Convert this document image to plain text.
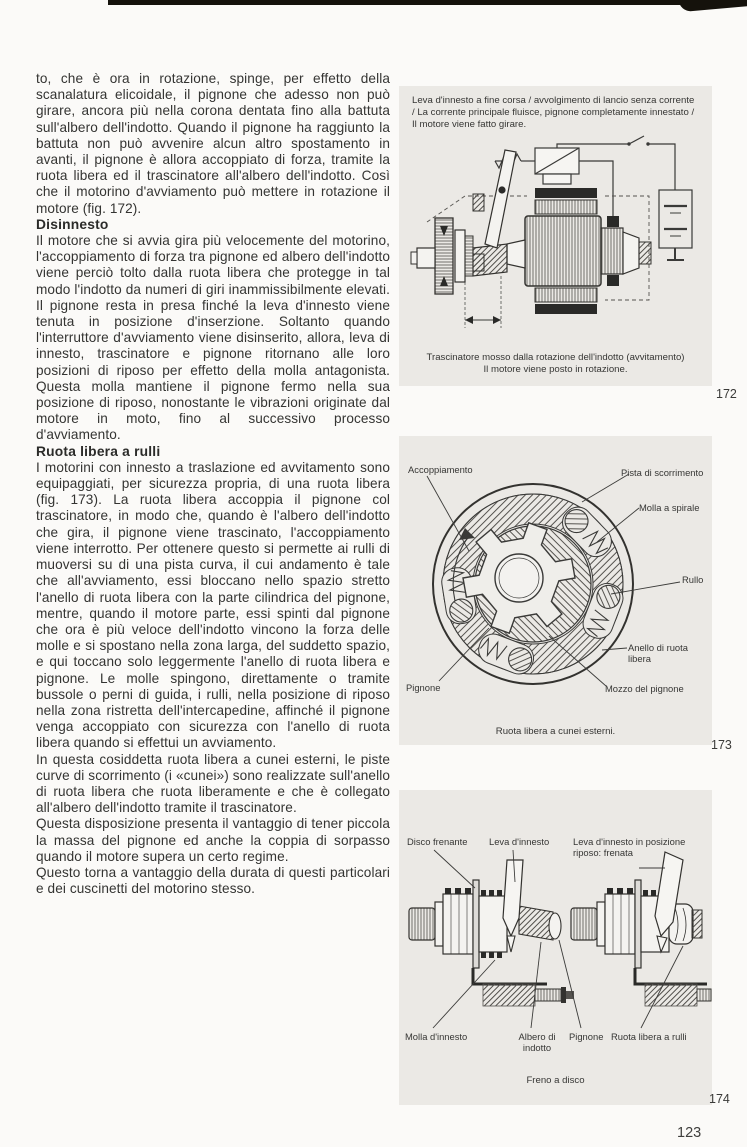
to, che è ora in rotazione, spinge, per effetto della scanalatura elicoidale, il pignone che adesso non può girare, ancora più nella corona dentata fino alla battuta sull'albero dell'indotto. Quando il pignone ha raggiunto la battuta non può avvenire alcun altro spostamento in avanti, il pignone è allora accoppiato di forza, tramite la ruota libera ed il trascinatore all'albero dell'indotto. Così che il motorino d'avviamento può mettere in rotazione il motore (fig. 172).

Disinnesto

Il motore che si avvia gira più velocemente del motorino, l'accoppiamento di forza tra pignone ed albero dell'indotto viene perciò tolto dalla ruota libera che protegge in tal modo l'indotto da numeri di giri inammissibilmente elevati. Il pignone resta in presa finché la leva d'innesto viene tenuta in posizione d'inserzione. Soltanto quando l'interruttore d'avviamento viene disinserito, allora, leva di innesto, trascinatore e pignone ritornano alle loro posizioni di riposo per effetto della molla antagonista. Questa molla mantiene il pignone fermo nella sua posizione di riposo, nonostante le vibrazioni originate dal motore in moto, fino al successivo processo d'avviamento.

Ruota libera a rulli

I motorini con innesto a traslazione ed avvitamento sono equipaggiati, per sicurezza propria, di una ruota libera (fig. 173). La ruota libera accoppia il pignone col trascinatore, in modo che, quando è l'albero dell'indotto che gira, il pignone viene trascinato, l'accoppiamento viene interrotto. Per ottenere questo si permette ai rulli di muoversi su di una pista curva, il cui andamento è tale che all'avviamento, essi bloccano nello spazio stretto l'anello di ruota libera con la parte cilindrica del pignone, mentre, quando il motore parte, essi spinti dal pignone che ora è più veloce dell'indotto vincono la forza delle molle e si spostano nella zona larga, del suddetto spazio, e qui toccano solo leggermente l'anello di ruota libera e pignone. Le molle spingono, direttamente o tramite bussole o perni di guida, i rulli, nella posizione di riposo nella zona ristretta dell'intercapedine, affinché il pignone venga accoppiato con sicurezza con l'anello di ruota libera quando si effettui un avviamento.

In questa cosiddetta ruota libera a cunei esterni, le piste curve di scorrimento (i «cunei») sono realizzate sull'anello di ruota libera che ruota liberamente e che è collegato all'albero dell'indotto tramite il trascinatore.

Questa disposizione presenta il vantaggio di tener piccola la massa del pignone ed anche la coppia di sorpasso quando il motore supera un certo regime.

Questo torna a vantaggio della durata di questi particolari e dei cuscinetti del motorino stesso.

Leva d'innesto a fine corsa / avvolgimento di lancio senza corrente / La corrente principale fluisce, pignone completamente innestato / Il motore viene fatto girare.
Trascinatore mosso dalla rotazione dell'indotto (avvitamento)
Il motore viene posto in rotazione.
172
Accoppiamento	Pista di scorrimento
Molla a spirale
Rullo
Anello di ruota libera
Mozzo del pignone
Pignone
Ruota libera a cunei esterni.
173
Disco frenante Leva d'innesto	Leva d'innesto in posizione riposo: frenata
Molla d'innesto	Albero di indotto
Pignone Ruota libera a rulli
Freno a disco
174
123
